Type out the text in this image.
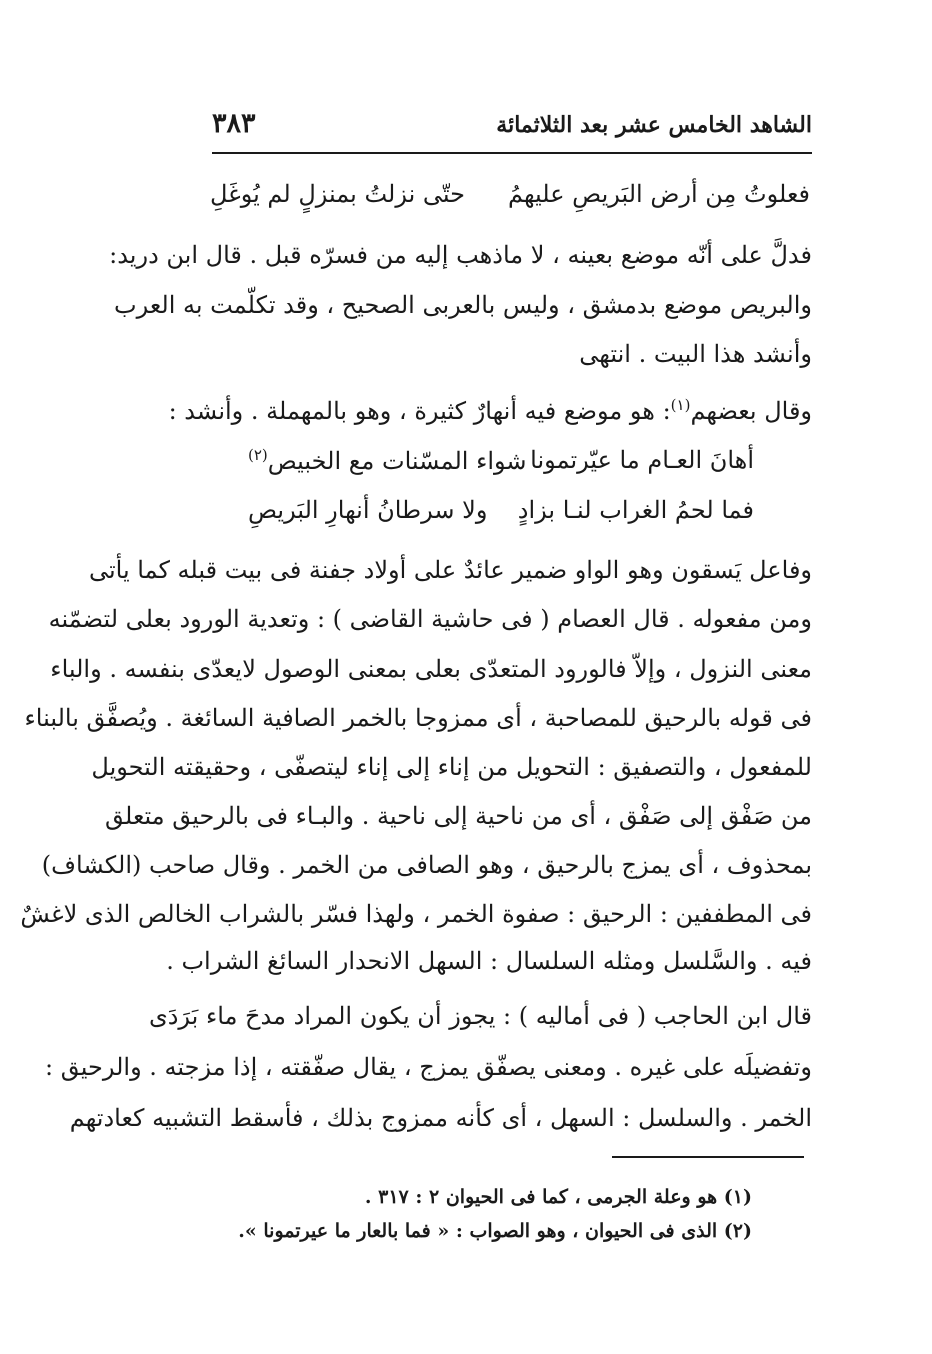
الشاهد الخامس عشر بعد الثلاثمائة
٣٨٣
فعلوتُ مِن أرض البَريصِ عليهمُ
حتّى نزلتُ بمنزلٍ لم يُوغَلِ
فدلَّ على أنّه موضع بعينه ، لا ماذهب إليه من فسرّه قبل . قال ابن دريد:
والبريص موضع بدمشق ، وليس بالعربى الصحيح ، وقد تكلّمت به العرب
وأنشد هذا البيت . انتهى
وقال بعضهم$^{(١)}$: هو موضع فيه أنهارٌ كثيرة ، وهو بالمهملة . وأنشد :
أهانَ العـام ما عيّرتمونا
شواء المسّنات مع الخبيص$^{(٢)}$
فما لحمُ الغراب لنـا بزادٍ
ولا سرطانُ أنهارِ البَريصِ
وفاعل يَسقون وهو الواو ضمير عائدٌ على أولاد جفنة فى بيت قبله كما يأتى
ومن مفعوله . قال العصام ( فى حاشية القاضى ) : وتعدية الورود بعلى لتضمّنه
معنى النزول ، وإلاّ فالورود المتعدّى بعلى بمعنى الوصول لايعدّى بنفسه . والباء
فى قوله بالرحيق للمصاحبة ، أى ممزوجا بالخمر الصافية السائغة . ويُصفَّق بالبناء
للمفعول ، والتصفيق : التحويل من إناء إلى إناء ليتصفّى ، وحقيقته التحويل
من صَفْق إلى صَفْق ، أى من ناحية إلى ناحية . والبـاء فى بالرحيق متعلق
بمحذوف ، أى يمزج بالرحيق ، وهو الصافى من الخمر . وقال صاحب (الكشاف)
فى المطففين : الرحيق : صفوة الخمر ، ولهذا فسّر بالشراب الخالص الذى لاغشٌ
فيه . والسَّلسل ومثله السلسال : السهل الانحدار السائغ الشراب .
قال ابن الحاجب ( فى أماليه ) : يجوز أن يكون المراد مدحَ ماء بَرَدَى
وتفضيلَه على غيره . ومعنى يصفّق يمزج ، يقال صفّقته ، إذا مزجته . والرحيق :
الخمر . والسلسل : السهل ، أى كأنه ممزوج بذلك ، فأسقط التشبيه كعادتهم
(١) هو وعلة الجرمى ، كما فى الحيوان ٢ : ٣١٧ .
(٢) الذى فى الحيوان ، وهو الصواب : « فما بالعار ما عيرتمونا ».
